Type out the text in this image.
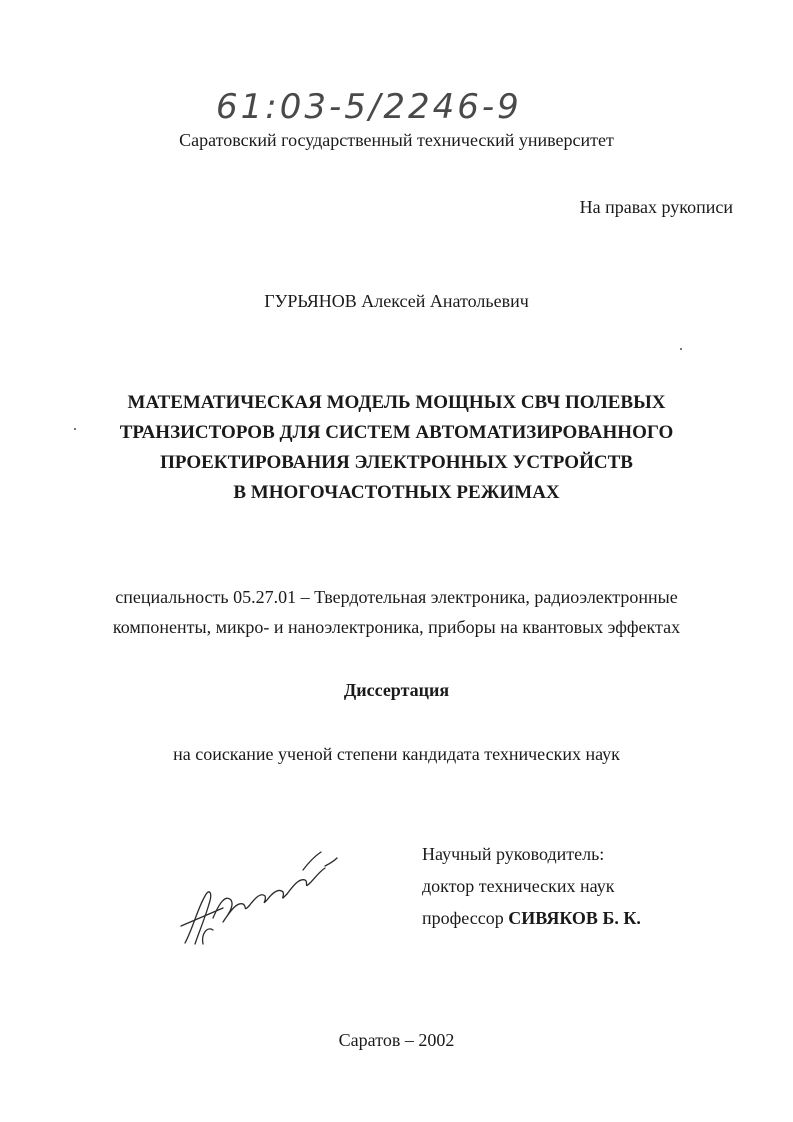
61:03-5/2246-9
Саратовский государственный технический университет
На правах рукописи
ГУРЬЯНОВ Алексей Анатольевич
МАТЕМАТИЧЕСКАЯ МОДЕЛЬ МОЩНЫХ СВЧ ПОЛЕВЫХ
ТРАНЗИСТОРОВ ДЛЯ СИСТЕМ АВТОМАТИЗИРОВАННОГО
ПРОЕКТИРОВАНИЯ ЭЛЕКТРОННЫХ УСТРОЙСТВ
В МНОГОЧАСТОТНЫХ РЕЖИМАХ
специальность 05.27.01 – Твердотельная электроника, радиоэлектронные
компоненты, микро- и наноэлектроника, приборы на квантовых эффектах
Диссертация
на соискание ученой степени кандидата технических наук
Научный руководитель:
доктор технических наук
профессор СИВЯКОВ Б. К.
Саратов – 2002
